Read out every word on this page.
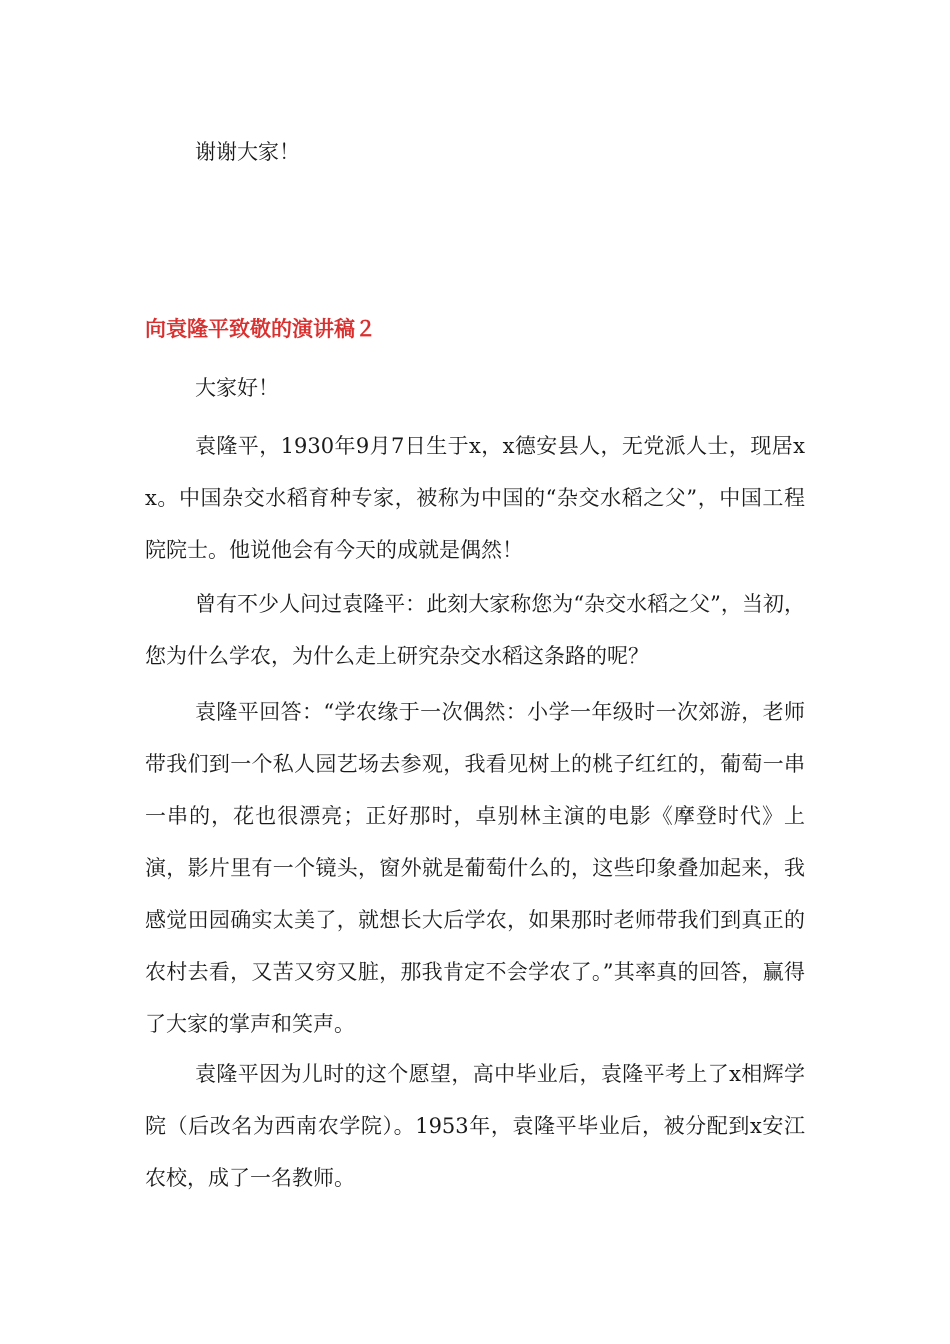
谢谢大家！

向袁隆平致敬的演讲稿２

大家好！

袁隆平，1930年9月7日生于x，x德安县人，无党派人士，现居xx。中国杂交水稻育种专家，被称为中国的“杂交水稻之父”，中国工程院院士。他说他会有今天的成就是偶然！

曾有不少人问过袁隆平：此刻大家称您为“杂交水稻之父”，当初，您为什么学农，为什么走上研究杂交水稻这条路的呢？

袁隆平回答：“学农缘于一次偶然：小学一年级时一次郊游，老师带我们到一个私人园艺场去参观，我看见树上的桃子红红的，葡萄一串一串的，花也很漂亮；正好那时，卓别林主演的电影《摩登时代》上演，影片里有一个镜头，窗外就是葡萄什么的，这些印象叠加起来，我感觉田园确实太美了，就想长大后学农，如果那时老师带我们到真正的农村去看，又苦又穷又脏，那我肯定不会学农了。”其率真的回答，赢得了大家的掌声和笑声。

袁隆平因为儿时的这个愿望，高中毕业后，袁隆平考上了x相辉学院（后改名为西南农学院）。1953年，袁隆平毕业后，被分配到x安江农校，成了一名教师。
